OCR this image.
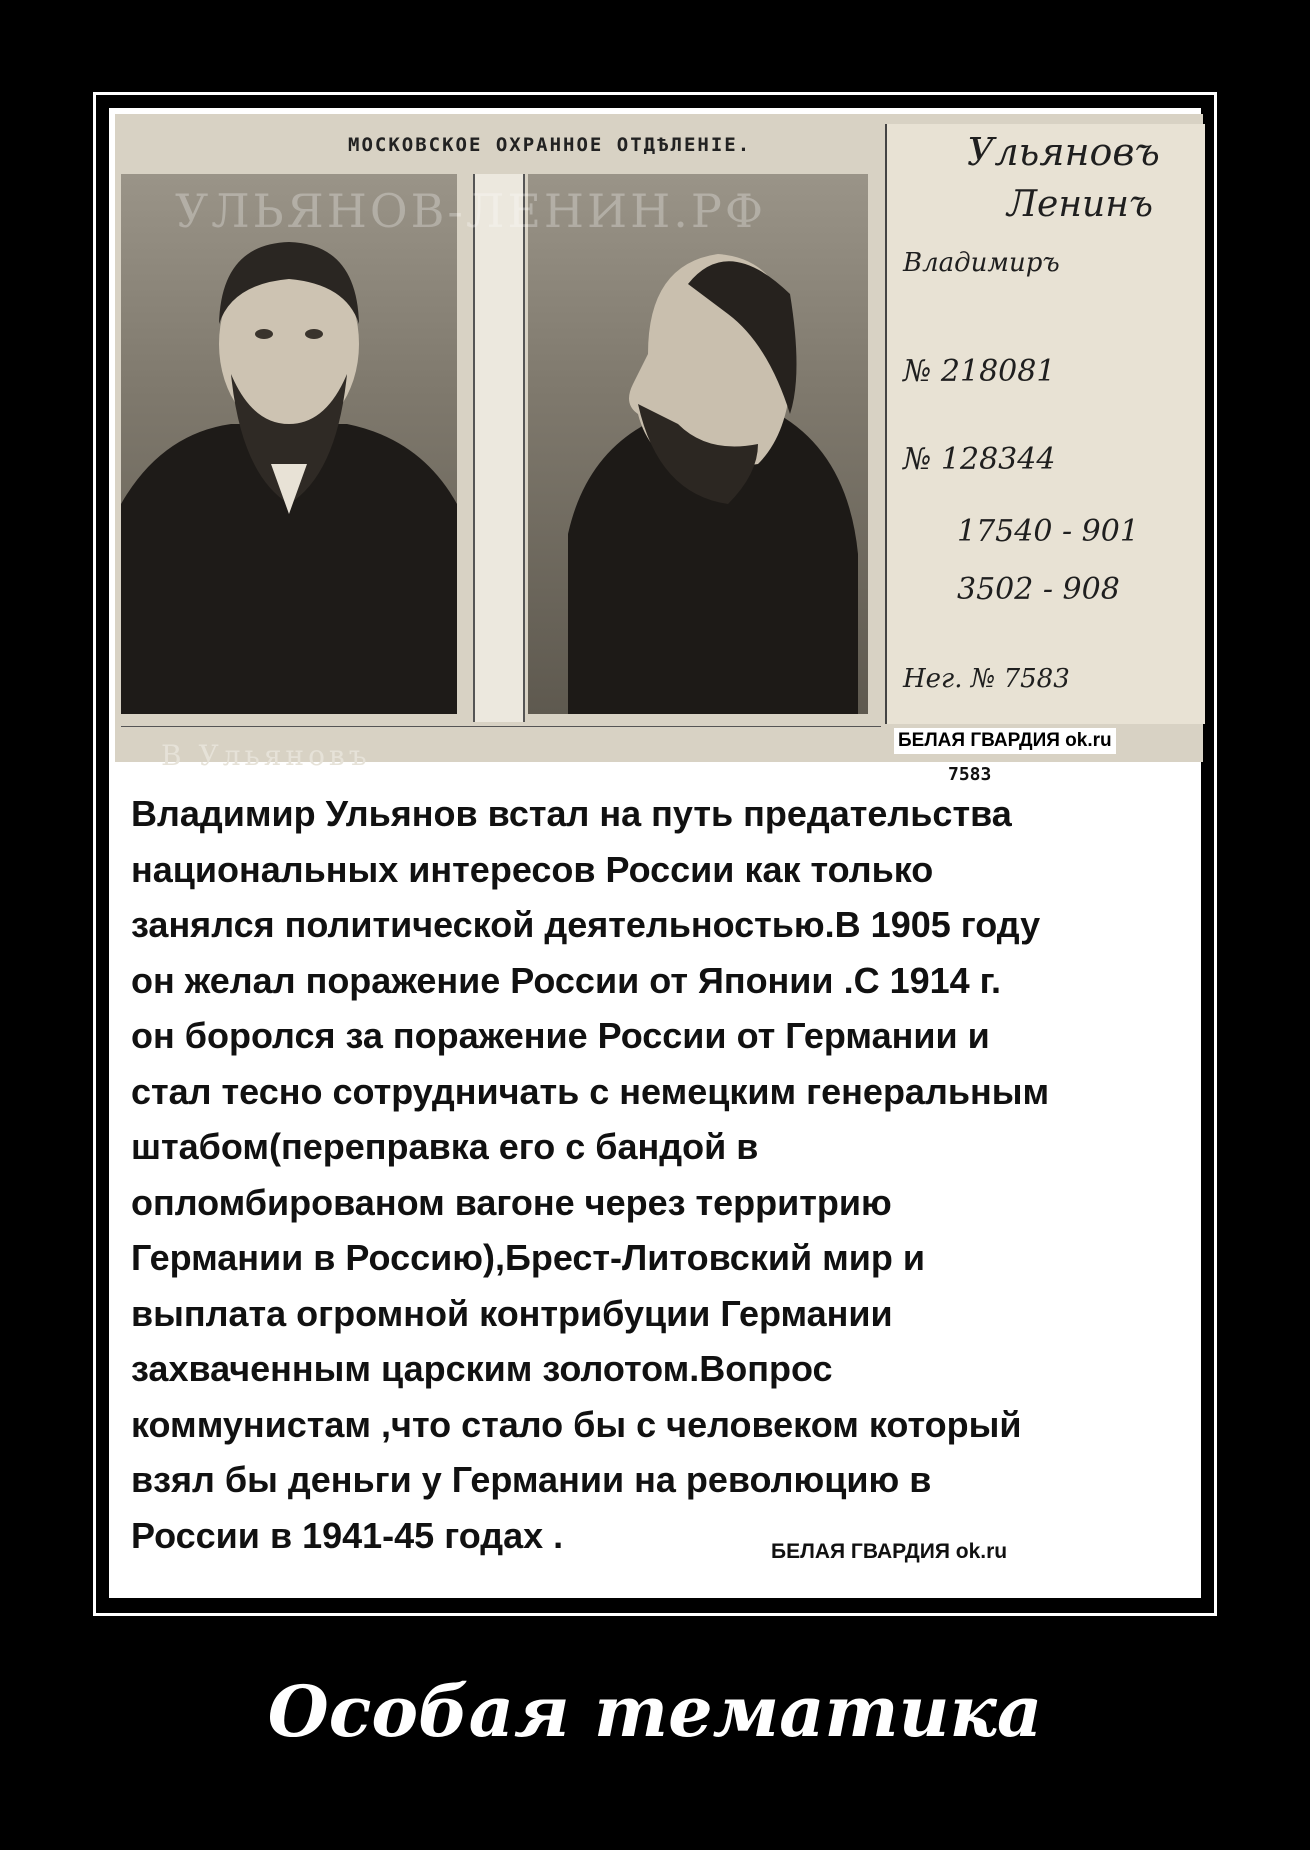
МОСКОВСКОЕ ОХРАННОЕ ОТДѢЛЕНІЕ.
В Ульяновъ
7583
УЛЬЯНОВ-ЛЕНИН.РФ
Ульяновъ
Ленинъ
Владимиръ
№ 218081
№ 128344
17540 - 901
3502 - 908
Нег. № 7583
БЕЛАЯ ГВАРДИЯ ok.ru
Владимир Ульянов встал на путь предательства
национальных интересов России как только
занялся политической деятельностью.В 1905 году
он желал поражение России от Японии .С 1914 г.
он боролся за поражение России от Германии и
стал тесно сотрудничать с немецким генеральным
штабом(переправка его с бандой в
опломбированом вагоне через территрию
Германии в Россию),Брест-Литовский мир и
выплата огромной контрибуции Германии
захваченным царским золотом.Вопрос
коммунистам ,что стало бы с человеком который
взял бы деньги у Германии на революцию в
России в 1941-45 годах .	БЕЛАЯ ГВАРДИЯ ok.ru
Особая тематика
